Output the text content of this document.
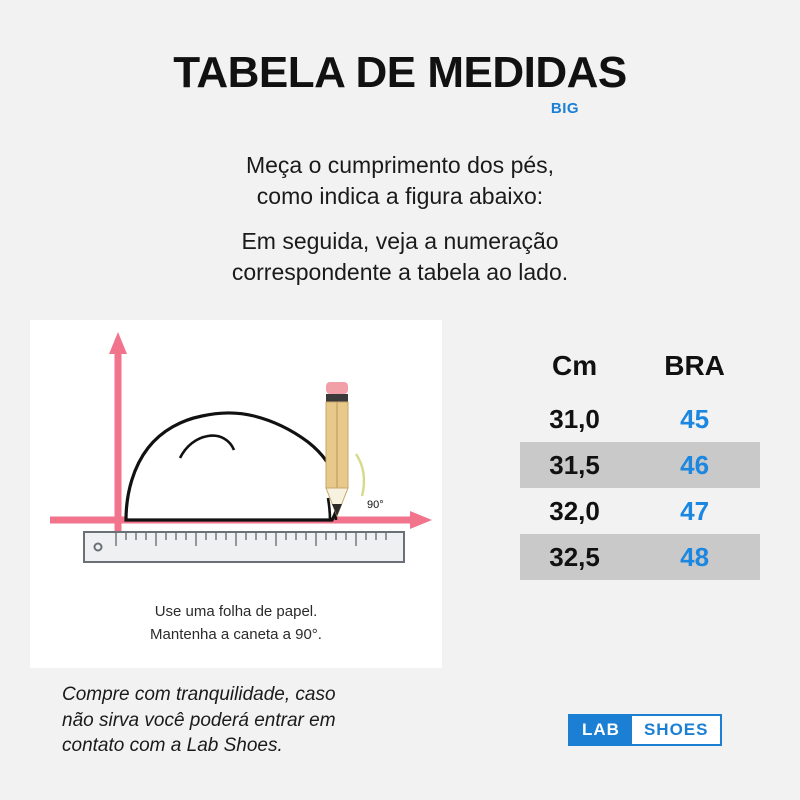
TABELA DE MEDIDAS
BIG
Meça o cumprimento dos pés,
como indica a figura abaixo:
Em seguida, veja a numeração
correspondente a tabela ao lado.
90°
Use uma folha de papel.
Mantenha a caneta a 90°.
Compre com tranquilidade, caso
não sirva você poderá entrar em
contato com a Lab Shoes.
Cm	BRA
31,0	45
31,5	46
32,0	47
32,5	48
LAB	SHOES
